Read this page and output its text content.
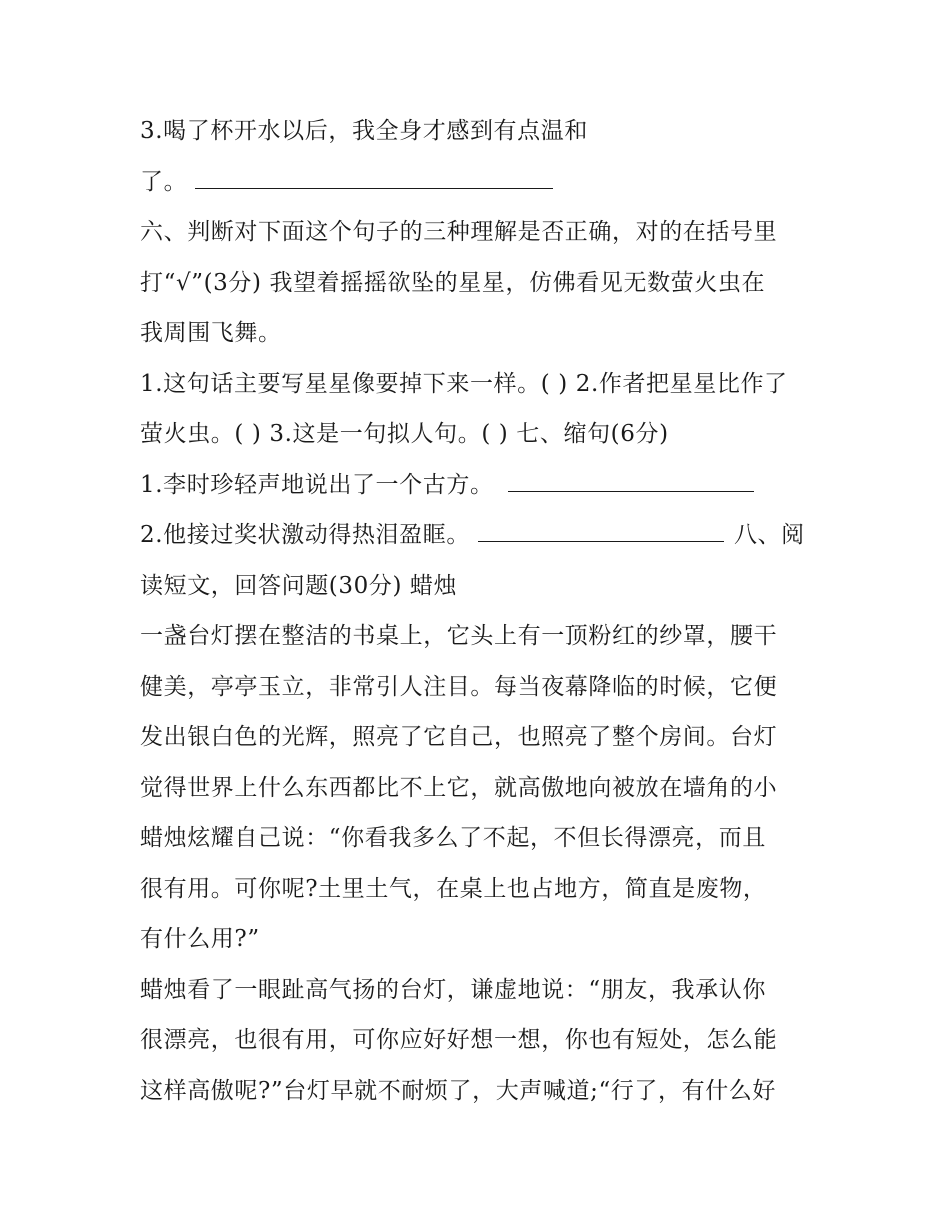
3.喝了杯开水以后，我全身才感到有点温和
了。
六、判断对下面这个句子的三种理解是否正确，对的在括号里
打“√”(3分) 我望着摇摇欲坠的星星，仿佛看见无数萤火虫在
我周围飞舞。
1.这句话主要写星星像要掉下来一样。( ) 2.作者把星星比作了
萤火虫。( ) 3.这是一句拟人句。( ) 七、缩句(6分)
1.李时珍轻声地说出了一个古方。
2.他接过奖状激动得热泪盈眶。	八、阅
读短文，回答问题(30分) 蜡烛
一盏台灯摆在整洁的书桌上，它头上有一顶粉红的纱罩，腰干
健美，亭亭玉立，非常引人注目。每当夜幕降临的时候，它便
发出银白色的光辉，照亮了它自己，也照亮了整个房间。台灯
觉得世界上什么东西都比不上它，就高傲地向被放在墙角的小
蜡烛炫耀自己说：“你看我多么了不起，不但长得漂亮，而且
很有用。可你呢?土里土气，在桌上也占地方，简直是废物，
有什么用?”
蜡烛看了一眼趾高气扬的台灯，谦虚地说：“朋友，我承认你
很漂亮，也很有用，可你应好好想一想，你也有短处，怎么能
这样高傲呢?”台灯早就不耐烦了，大声喊道;“行了，有什么好
